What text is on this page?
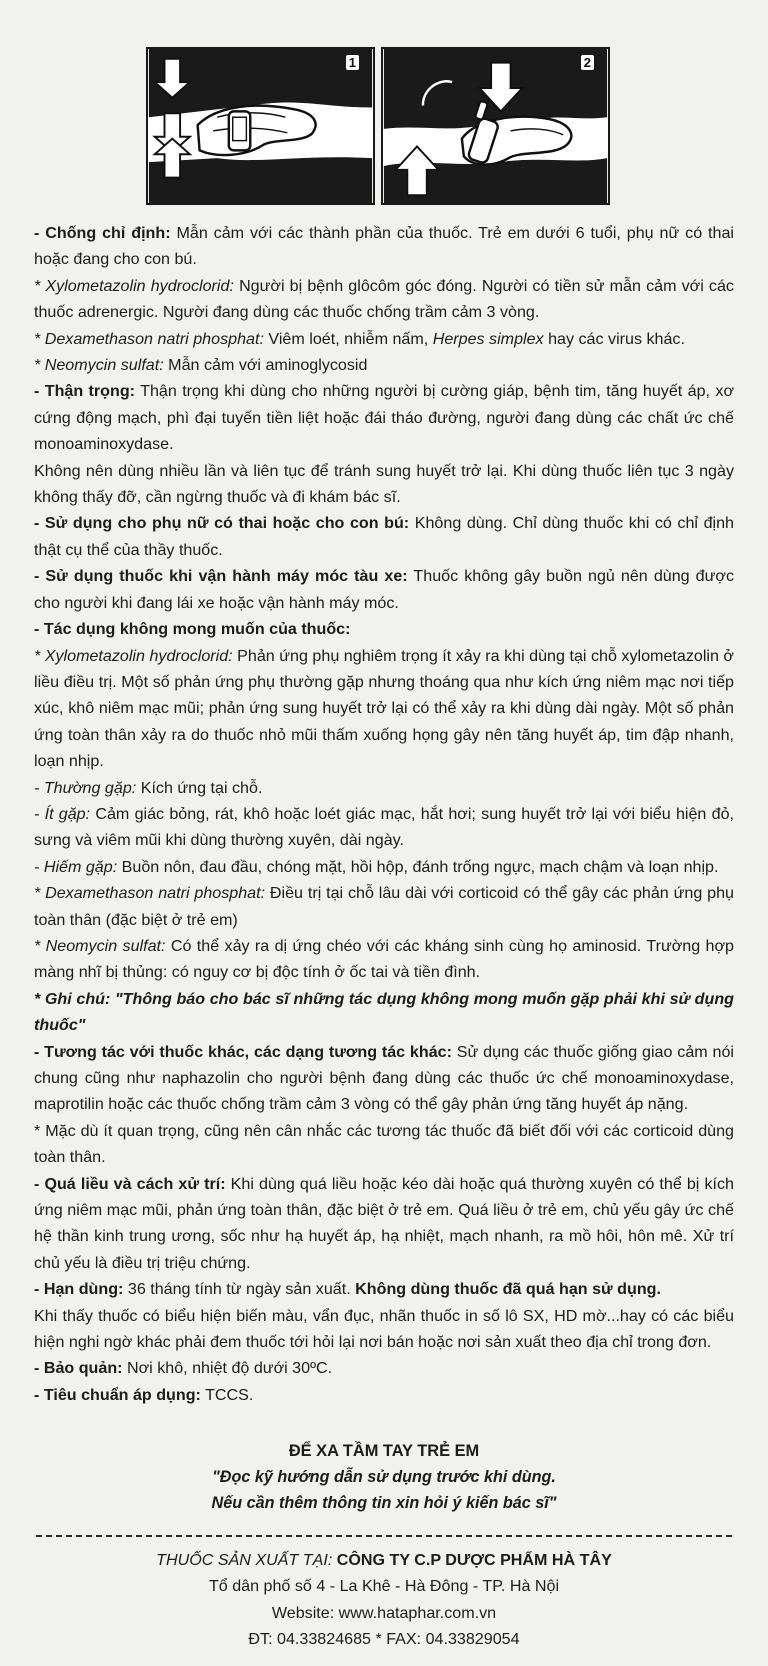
1	2

- Chống chỉ định: Mẫn cảm với các thành phần của thuốc. Trẻ em dưới 6 tuổi, phụ nữ có thai hoặc đang cho con bú.

* Xylometazolin hydroclorid: Người bị bệnh glôcôm góc đóng. Người có tiền sử mẫn cảm với các thuốc adrenergic. Người đang dùng các thuốc chống trầm cảm 3 vòng.

* Dexamethason natri phosphat: Viêm loét, nhiễm nấm, Herpes simplex hay các virus khác.

* Neomycin sulfat: Mẫn cảm với aminoglycosid

- Thận trọng: Thận trọng khi dùng cho những người bị cường giáp, bệnh tim, tăng huyết áp, xơ cứng động mạch, phì đại tuyến tiền liệt hoặc đái tháo đường, người đang dùng các chất ức chế monoaminoxydase.

Không nên dùng nhiều lần và liên tục để tránh sung huyết trở lại. Khi dùng thuốc liên tục 3 ngày không thấy đỡ, cần ngừng thuốc và đi khám bác sĩ.

- Sử dụng cho phụ nữ có thai hoặc cho con bú: Không dùng. Chỉ dùng thuốc khi có chỉ định thật cụ thể của thầy thuốc.

- Sử dụng thuốc khi vận hành máy móc tàu xe: Thuốc không gây buồn ngủ nên dùng được cho người khi đang lái xe hoặc vận hành máy móc.

- Tác dụng không mong muốn của thuốc:

* Xylometazolin hydroclorid: Phản ứng phụ nghiêm trọng ít xảy ra khi dùng tại chỗ xylometazolin ở liều điều trị. Một số phản ứng phụ thường gặp nhưng thoáng qua như kích ứng niêm mạc nơi tiếp xúc, khô niêm mạc mũi; phản ứng sung huyết trở lại có thể xảy ra khi dùng dài ngày. Một số phản ứng toàn thân xảy ra do thuốc nhỏ mũi thấm xuống họng gây nên tăng huyết áp, tim đập nhanh, loạn nhịp.

- Thường gặp: Kích ứng tại chỗ.

- Ít gặp: Cảm giác bỏng, rát, khô hoặc loét giác mạc, hắt hơi; sung huyết trở lại với biểu hiện đỏ, sưng và viêm mũi khi dùng thường xuyên, dài ngày.

- Hiếm gặp: Buồn nôn, đau đầu, chóng mặt, hồi hộp, đánh trống ngực, mạch chậm và loạn nhịp.

* Dexamethason natri phosphat: Điều trị tại chỗ lâu dài với corticoid có thể gây các phản ứng phụ toàn thân (đặc biệt ở trẻ em)

* Neomycin sulfat: Có thể xảy ra dị ứng chéo với các kháng sinh cùng họ aminosid. Trường hợp màng nhĩ bị thủng: có nguy cơ bị độc tính ở ốc tai và tiền đình.

* Ghi chú: "Thông báo cho bác sĩ những tác dụng không mong muốn gặp phải khi sử dụng thuốc"

- Tương tác với thuốc khác, các dạng tương tác khác: Sử dụng các thuốc giống giao cảm nói chung cũng như naphazolin cho người bệnh đang dùng các thuốc ức chế monoaminoxydase, maprotilin hoặc các thuốc chống trầm cảm 3 vòng có thể gây phản ứng tăng huyết áp nặng.

* Mặc dù ít quan trọng, cũng nên cân nhắc các tương tác thuốc đã biết đối với các corticoid dùng toàn thân.

- Quá liều và cách xử trí: Khi dùng quá liều hoặc kéo dài hoặc quá thường xuyên có thể bị kích ứng niêm mạc mũi, phản ứng toàn thân, đặc biệt ở trẻ em. Quá liều ở trẻ em, chủ yếu gây ức chế hệ thần kinh trung ương, sốc như hạ huyết áp, hạ nhiệt, mạch nhanh, ra mồ hôi, hôn mê. Xử trí chủ yếu là điều trị triệu chứng.

- Hạn dùng: 36 tháng tính từ ngày sản xuất. Không dùng thuốc đã quá hạn sử dụng.

Khi thấy thuốc có biểu hiện biến màu, vẩn đục, nhãn thuốc in số lô SX, HD mờ...hay có các biểu hiện nghi ngờ khác phải đem thuốc tới hỏi lại nơi bán hoặc nơi sản xuất theo địa chỉ trong đơn.

- Bảo quản: Nơi khô, nhiệt độ dưới 30ºC.

- Tiêu chuẩn áp dụng: TCCS.

ĐỂ XA TẦM TAY TRẺ EM
"Đọc kỹ hướng dẫn sử dụng trước khi dùng.
Nếu cần thêm thông tin xin hỏi ý kiến bác sĩ"
THUỐC SẢN XUẤT TẠI: CÔNG TY C.P DƯỢC PHẨM HÀ TÂY
Tổ dân phố số 4 - La Khê - Hà Đông - TP. Hà Nội
Website: www.hataphar.com.vn
ĐT: 04.33824685 * FAX: 04.33829054
